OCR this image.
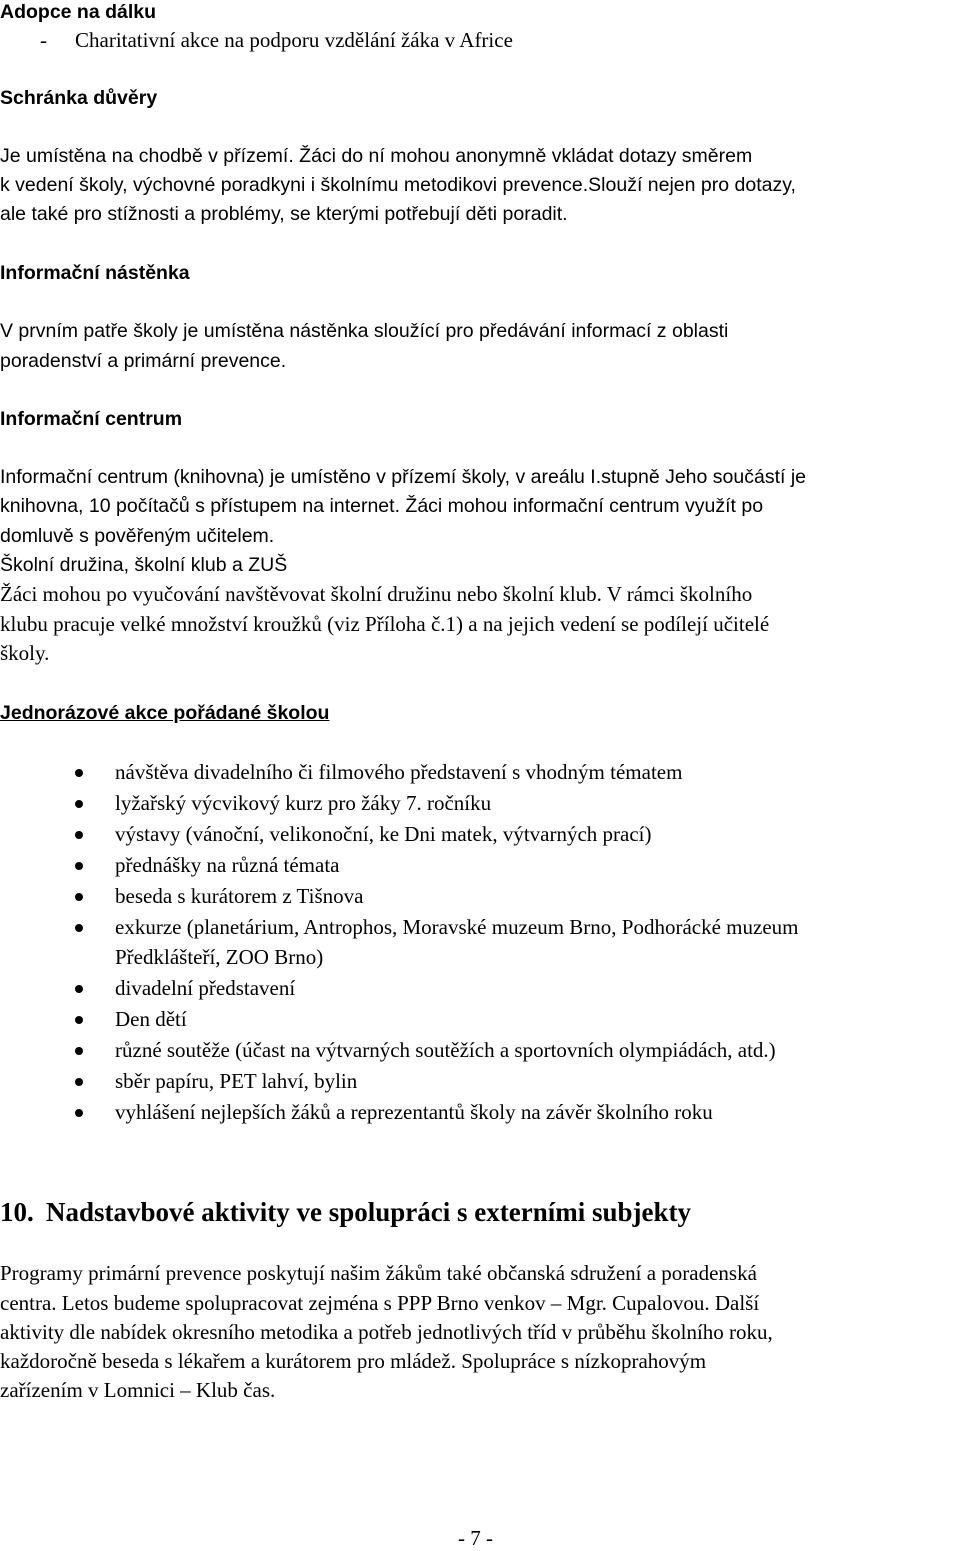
Adopce na dálku
- Charitativní akce na podporu vzdělání žáka v Africe
Schránka důvěry
Je umístěna na chodbě v přízemí. Žáci do ní mohou anonymně vkládat dotazy směrem
k vedení školy, výchovné poradkyni i školnímu metodikovi prevence.Slouží nejen pro dotazy,
ale také pro stížnosti a problémy, se kterými potřebují děti poradit.
Informační nástěnka
V prvním patře školy je umístěna nástěnka sloužící pro předávání informací z oblasti
poradenství a primární prevence.
Informační centrum
Informační centrum (knihovna) je umístěno v přízemí školy, v areálu I.stupně Jeho součástí je
knihovna, 10 počítačů s přístupem na internet. Žáci mohou informační centrum využít po
domluvě s pověřeným učitelem.
Školní družina, školní klub a ZUŠ
Žáci mohou po vyučování navštěvovat školní družinu nebo školní klub. V rámci školního
klubu pracuje velké množství kroužků (viz Příloha č.1) a na jejich vedení se podílejí učitelé
školy.
Jednorázové akce pořádané školou
návštěva divadelního či filmového představení s vhodným tématem
lyžařský výcvikový kurz pro žáky 7. ročníku
výstavy (vánoční, velikonoční, ke Dni matek, výtvarných prací)
přednášky na různá témata
beseda s kurátorem z Tišnova
exkurze (planetárium, Antrophos, Moravské muzeum Brno, Podhorácké muzeum
Předklášteří, ZOO Brno)
divadelní představení
Den dětí
různé soutěže (účast na výtvarných soutěžích a sportovních olympiádách, atd.)
sběr papíru, PET lahví, bylin
vyhlášení nejlepších žáků a reprezentantů školy na závěr školního roku
10. Nadstavbové aktivity ve spolupráci s externími subjekty
Programy primární prevence poskytují našim žákům také občanská sdružení a poradenská
centra. Letos budeme spolupracovat zejména s PPP Brno venkov – Mgr. Cupalovou. Další
aktivity dle nabídek okresního metodika a potřeb jednotlivých tříd v průběhu školního roku,
každoročně beseda s lékařem a kurátorem pro mládež. Spolupráce s nízkoprahovým
zařízením v Lomnici – Klub čas.
- 7 -
